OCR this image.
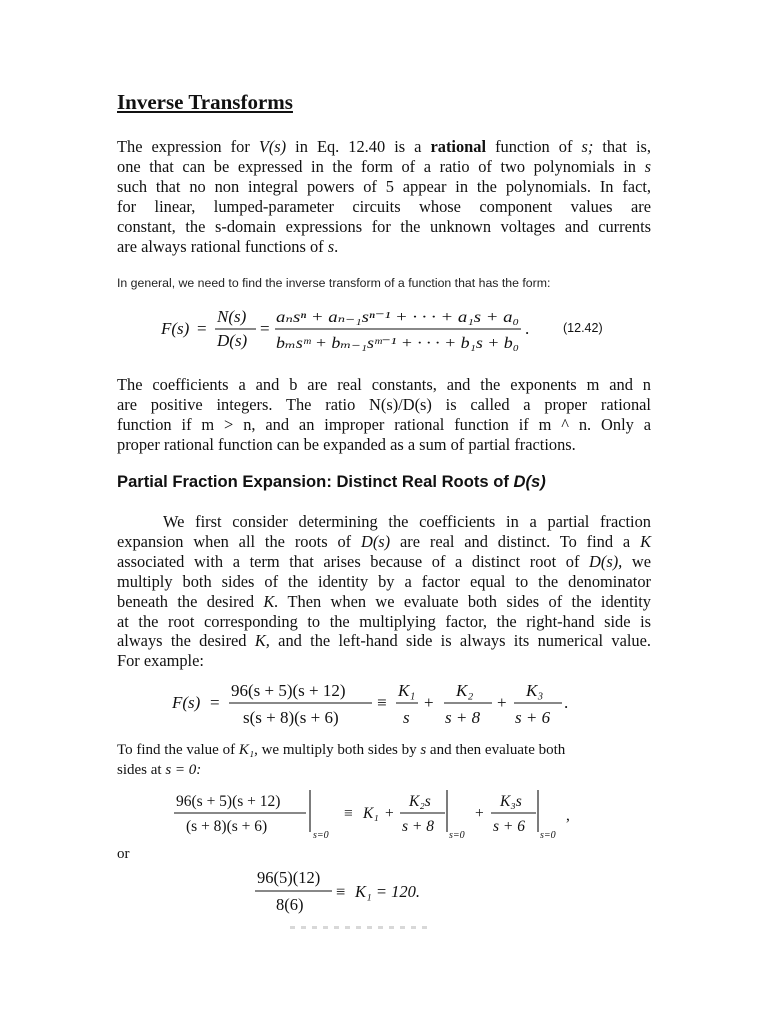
Inverse Transforms
The expression for V(s) in Eq. 12.40 is a rational function of s; that is,
one that can be expressed in the form of a ratio of two polynomials in s
such that no non integral powers of 5 appear in the polynomials. In fact,
for linear, lumped-parameter circuits whose component values are
constant, the s-domain expressions for the unknown voltages and currents
are always rational functions of s.
In general, we need to find the inverse transform of a function that has the form:
F(s) =
N(s)
D(s)
=
aₙsⁿ + aₙ₋₁sⁿ⁻¹ + · · · + a₁s + a₀
bₘsᵐ + bₘ₋₁sᵐ⁻¹ + · · · + b₁s + b₀
.	(12.42)
The coefficients a and b are real constants, and the exponents m and n
are positive integers. The ratio N(s)/D(s) is called a proper rational
function if m > n, and an improper rational function if m ^ n. Only a
proper rational function can be expanded as a sum of partial fractions.
Partial Fraction Expansion: Distinct Real Roots of D(s)
We first consider determining the coefficients in a partial fraction
expansion when all the roots of D(s) are real and distinct. To find a K
associated with a term that arises because of a distinct root of D(s), we
multiply both sides of the identity by a factor equal to the denominator
beneath the desired K. Then when we evaluate both sides of the identity
at the root corresponding to the multiplying factor, the right-hand side is
always the desired K, and the left-hand side is always its numerical value.
For example:
F(s) =
96(s + 5)(s + 12)
s(s + 8)(s + 6)
≡
K₁
s
+
K₂
s + 8
+
K₃
s + 6
.
To find the value of K₁, we multiply both sides by s and then evaluate both
sides at s = 0:
96(s + 5)(s + 12)
(s + 8)(s + 6)
s=0
≡ K₁ +
K₂s
s + 8
s=0
+
K₃s
s + 6
s=0
,
or
96(5)(12)
8(6)
≡ K₁ = 120.
